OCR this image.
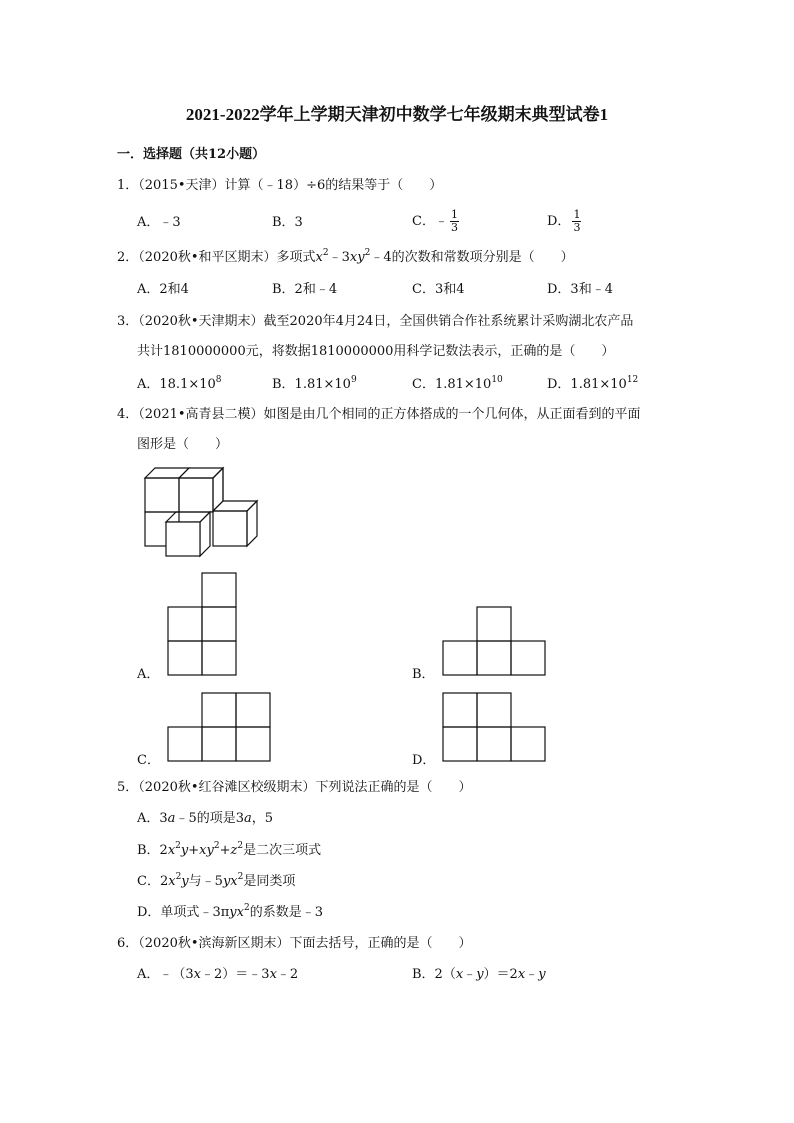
2021-2022学年上学期天津初中数学七年级期末典型试卷1
一．选择题（共12小题）
1．（2015•天津）计算（﹣18）÷6的结果等于（　　）
A．﹣3	B．3	C．﹣ $\frac{1}{3}$	D． $\frac{1}{3}$
2．（2020秋•和平区期末）多项式$x^2﹣3xy^2﹣4$的次数和常数项分别是（　　）
A．2和4	B．2和﹣4	C．3和4	D．3和﹣4
3．（2020秋•天津期末）截至2020年4月24日，全国供销合作社系统累计采购湖北农产品
共计1810000000元，将数据1810000000用科学记数法表示，正确的是（　　）
A．$18.1\times 10^8$	B．$1.81\times 10^9$	C．$1.81\times 10^{10}$	D．$1.81\times 10^{12}$
4．（2021•高青县二模）如图是由几个相同的正方体搭成的一个几何体，从正面看到的平面
图形是（　　）
A．	B．
C．	D．
5．（2020秋•红谷滩区校级期末）下列说法正确的是（　　）
A．3a﹣5的项是3a，5
B．$2x^2y+xy^2+z^2$是二次三项式
C．$2x^2y$与$﹣5yx^2$是同类项
D．单项式﹣3πyx$^2$的系数是﹣3
6．（2020秋•滨海新区期末）下面去括号，正确的是（　　）
A．﹣（3x﹣2）＝﹣3x﹣2	B．2（x﹣y）＝2x﹣y
